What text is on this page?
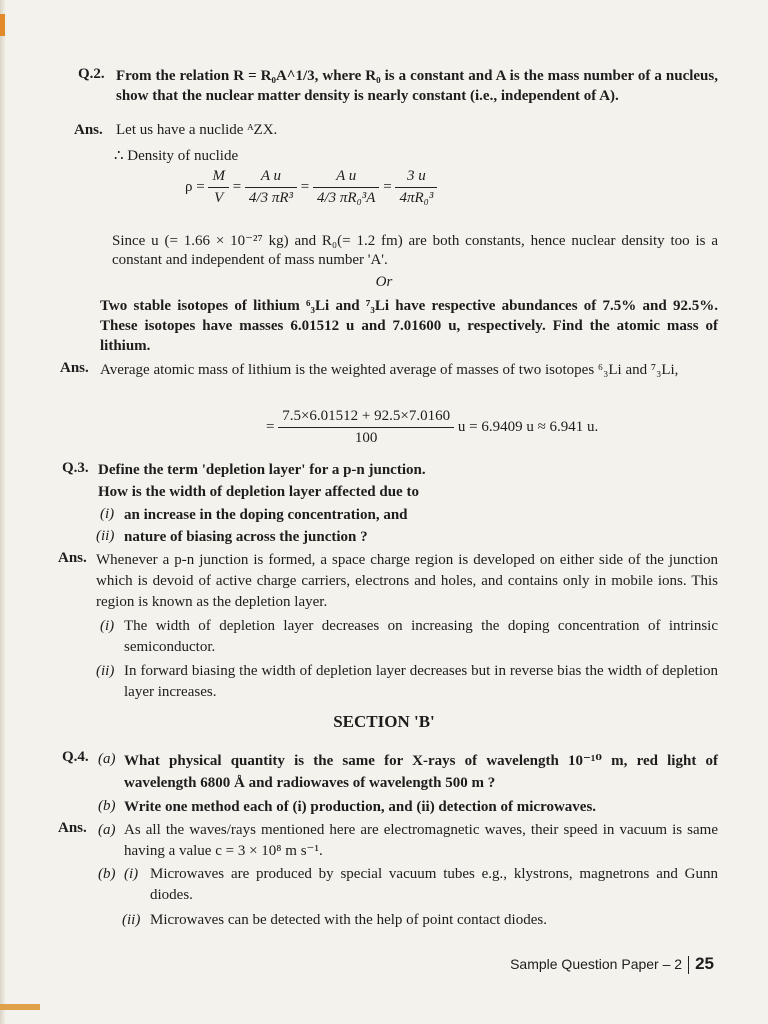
Q.2. From the relation R = R₀A^1/3, where R₀ is a constant and A is the mass number of a nucleus, show that the nuclear matter density is nearly constant (i.e., independent of A).
Ans. Let us have a nuclide ᴬZX.
∴ Density of nuclide
$\rho = \frac{M}{V} = \frac{\text{A u}}{\text{4/3 πR³}} = \frac{\text{A u}}{\text{4/3 πR₀³A}} = \frac{3 u}{\text{4πR₀³}}$
Since u (= 1.66 × 10⁻²⁷ kg) and R₀(= 1.2 fm) are both constants, hence nuclear density too is a constant and independent of mass number 'A'.
Or
Two stable isotopes of lithium ⁶₃Li and ⁷₃Li have respective abundances of 7.5% and 92.5%. These isotopes have masses 6.01512 u and 7.01600 u, respectively. Find the atomic mass of lithium.
Ans. Average atomic mass of lithium is the weighted average of masses of two isotopes ⁶₃Li and ⁷₃Li,
= $\frac{7.5\times 6.01512 + 92.5\times 7.0160}{100}$ u = 6.9409 u ≈ 6.941 u.
Q.3. Define the term 'depletion layer' for a p-n junction.
How is the width of depletion layer affected due to
(i) an increase in the doping concentration, and
(ii) nature of biasing across the junction ?
Ans. Whenever a p-n junction is formed, a space charge region is developed on either side of the junction which is devoid of active charge carriers, electrons and holes, and contains only in mobile ions. This region is known as the depletion layer.
(i) The width of depletion layer decreases on increasing the doping concentration of intrinsic semiconductor.
(ii) In forward biasing the width of depletion layer decreases but in reverse bias the width of depletion layer increases.
SECTION 'B'
Q.4. (a) What physical quantity is the same for X-rays of wavelength 10⁻¹⁰ m, red light of wavelength 6800 Å and radiowaves of wavelength 500 m ?
(b) Write one method each of (i) production, and (ii) detection of microwaves.
Ans. (a) As all the waves/rays mentioned here are electromagnetic waves, their speed in vacuum is same having a value c = 3 × 10⁸ m s⁻¹.
(b) (i) Microwaves are produced by special vacuum tubes e.g., klystrons, magnetrons and Gunn diodes.
(ii) Microwaves can be detected with the help of point contact diodes.
Sample Question Paper – 2 25
